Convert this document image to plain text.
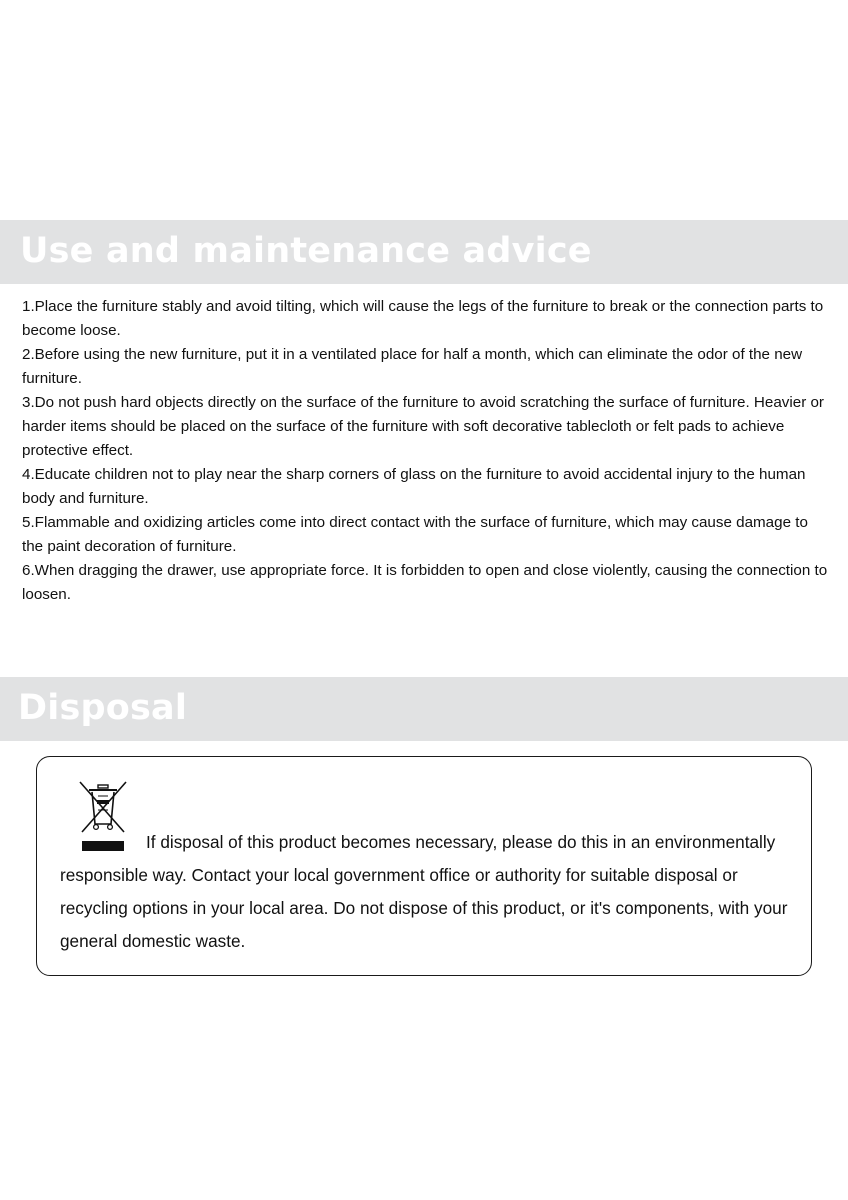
Use and maintenance advice
1.Place the furniture stably and avoid tilting, which will cause the legs of the furniture to break or the connection parts to become loose.
2.Before using the new furniture, put it in a ventilated place for half a month, which can eliminate the odor of the new furniture.
3.Do not push hard objects directly on the surface of the furniture to avoid scratching the surface of furniture. Heavier or harder items should be placed on the surface of the furniture with soft decorative tablecloth or felt pads to achieve protective effect.
4.Educate children not to play near the sharp corners of glass on the furniture to avoid accidental injury to the human body and furniture.
5.Flammable and oxidizing articles come into direct contact with the surface of furniture, which may cause damage to the paint decoration of furniture.
6.When dragging the drawer, use appropriate force. It is forbidden to open and close violently, causing the connection to loosen.
Disposal

If disposal of this product becomes necessary, please do this in an environmentally responsible way. Contact your local government office or authority for suitable disposal or recycling options in your local area. Do not dispose of this product, or it's components, with your general domestic waste.
